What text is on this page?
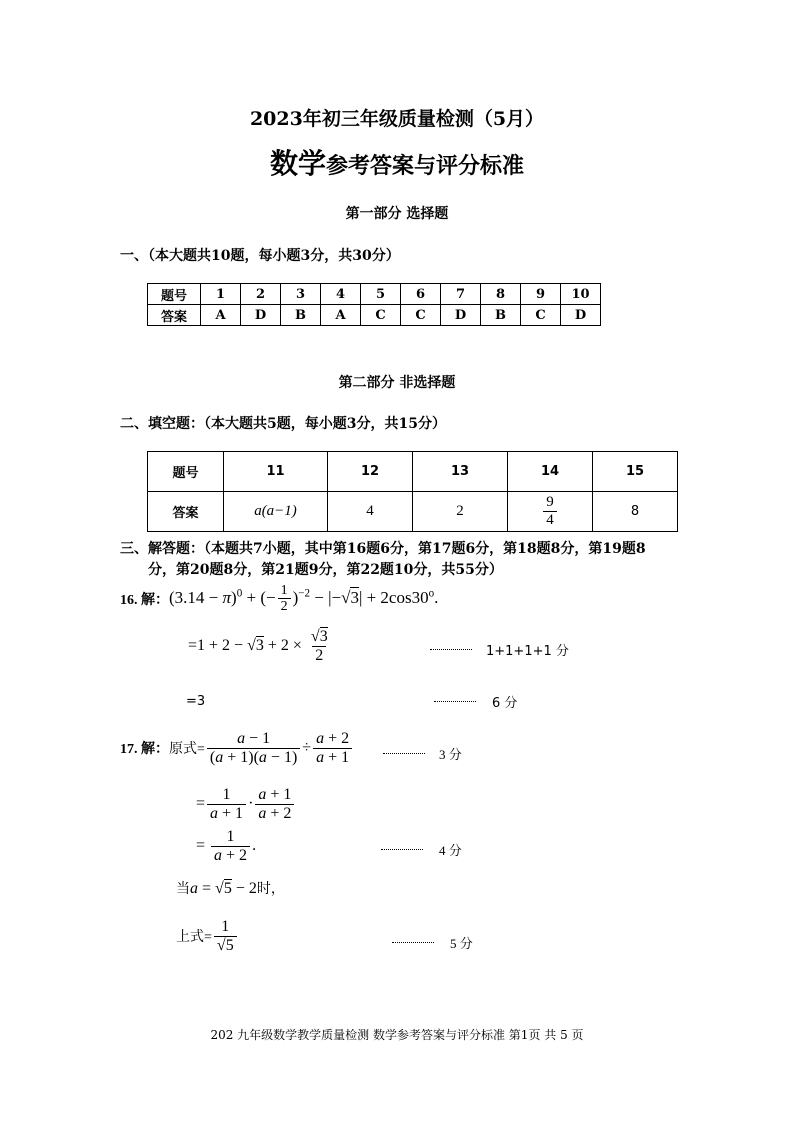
2023年初三年级质量检测（5月）
数学参考答案与评分标准
第一部分 选择题
一、（本大题共10题，每小题3分，共30分）
题号	1	2	3	4	5	6	7	8	9	10
答案	A	D	B	A	C	C	D	B	C	D
第二部分 非选择题
二、填空题：（本大题共5题，每小题3分，共15分）
题号	11	12	13	14	15
答案	a(a−1)	4	2	$\frac{9}{4}$	8
三、解答题：（本题共7小题，其中第16题6分，第17题6分，第18题8分，第19题8
分，第20题8分，第21题9分，第22题10分，共55分）
16. 解： $(3.14 - \pi)^0$ + (− $\frac{1}{2} )^{-2} - |-√3| + 2\cos 30^o$.
$=1 + 2 - √3 + 2 \times \frac{√3}{2}$	1+1+1+1 分
=3	6 分
17. 解： 原式= $\frac{a - 1}{(a + 1)(a - 1)} \div \frac{a + 2}{a + 1}$	3 分
= $\frac{1}{a + 1} \cdot \frac{a + 1}{a + 2}$
= $\frac{1}{a + 2}$ .	4 分
当a = √5 − 2时，
上式= $\frac{1}{√5}$	5 分
202 九年级数学教学质量检测 数学参考答案与评分标准 第1页 共 5 页
